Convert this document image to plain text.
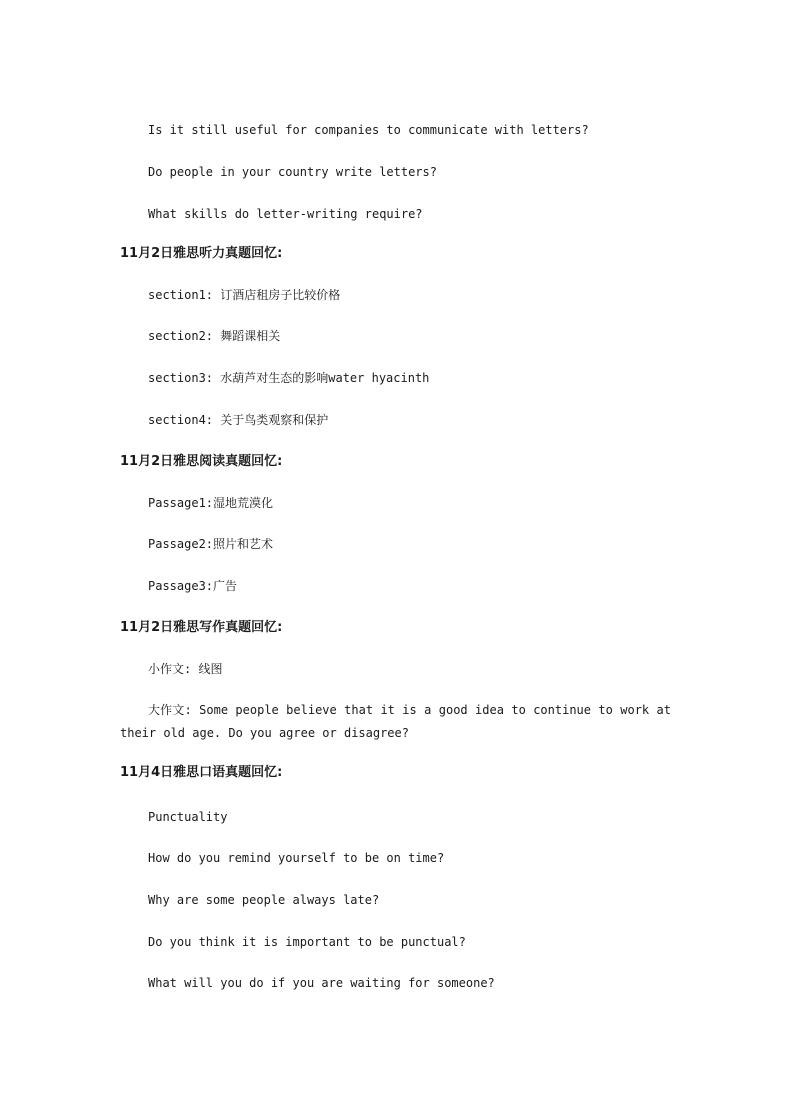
Is it still useful for companies to communicate with letters?
Do people in your country write letters?
What skills do letter-writing require?
11月2日雅思听力真题回忆:
section1: 订酒店租房子比较价格
section2: 舞蹈课相关
section3: 水葫芦对生态的影响water hyacinth
section4: 关于鸟类观察和保护
11月2日雅思阅读真题回忆:
Passage1:湿地荒漠化
Passage2:照片和艺术
Passage3:广告
11月2日雅思写作真题回忆:
小作文: 线图
大作文: Some people believe that it is a good idea to continue to work at their old age. Do you agree or disagree?
11月4日雅思口语真题回忆:
Punctuality
How do you remind yourself to be on time?
Why are some people always late?
Do you think it is important to be punctual?
What will you do if you are waiting for someone?
